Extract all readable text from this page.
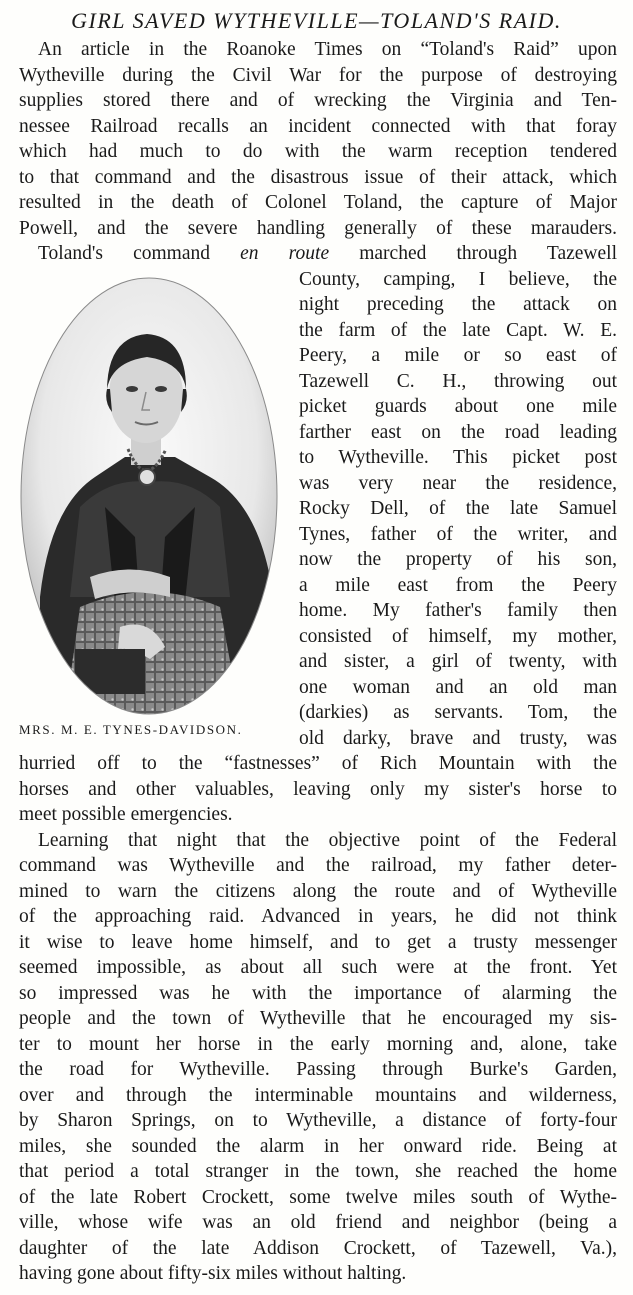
GIRL SAVED WYTHEVILLE—TOLAND'S RAID.
An article in the Roanoke Times on “Toland's Raid” upon
Wytheville during the Civil War for the purpose of destroying
supplies stored there and of wrecking the Virginia and Ten-
nessee Railroad recalls an incident connected with that foray
which had much to do with the warm reception tendered
to that command and the disastrous issue of their attack, which
resulted in the death of Colonel Toland, the capture of Major
Powell, and the severe handling generally of these marauders.
Toland's command en route marched through Tazewell
County, camping, I believe, the
night preceding the attack on
the farm of the late Capt. W. E.
Peery, a mile or so east of
Tazewell C. H., throwing out
picket guards about one mile
farther east on the road leading
to Wytheville. This picket post
was very near the residence,
Rocky Dell, of the late Samuel
Tynes, father of the writer, and
now the property of his son,
a mile east from the Peery
home. My father's family then
consisted of himself, my mother,
and sister, a girl of twenty, with
one woman and an old man
(darkies) as servants. Tom, the
old darky, brave and trusty, was
hurried off to the “fastnesses” of Rich Mountain with the
horses and other valuables, leaving only my sister's horse to
meet possible emergencies.
Learning that night that the objective point of the Federal
command was Wytheville and the railroad, my father deter-
mined to warn the citizens along the route and of Wytheville
of the approaching raid. Advanced in years, he did not think
it wise to leave home himself, and to get a trusty messenger
seemed impossible, as about all such were at the front. Yet
so impressed was he with the importance of alarming the
people and the town of Wytheville that he encouraged my sis-
ter to mount her horse in the early morning and, alone, take
the road for Wytheville. Passing through Burke's Garden,
over and through the interminable mountains and wilderness,
by Sharon Springs, on to Wytheville, a distance of forty-four
miles, she sounded the alarm in her onward ride. Being at
that period a total stranger in the town, she reached the home
of the late Robert Crockett, some twelve miles south of Wythe-
ville, whose wife was an old friend and neighbor (being a
daughter of the late Addison Crockett, of Tazewell, Va.),
having gone about fifty-six miles without halting.
MRS. M. E. TYNES-DAVIDSON.
